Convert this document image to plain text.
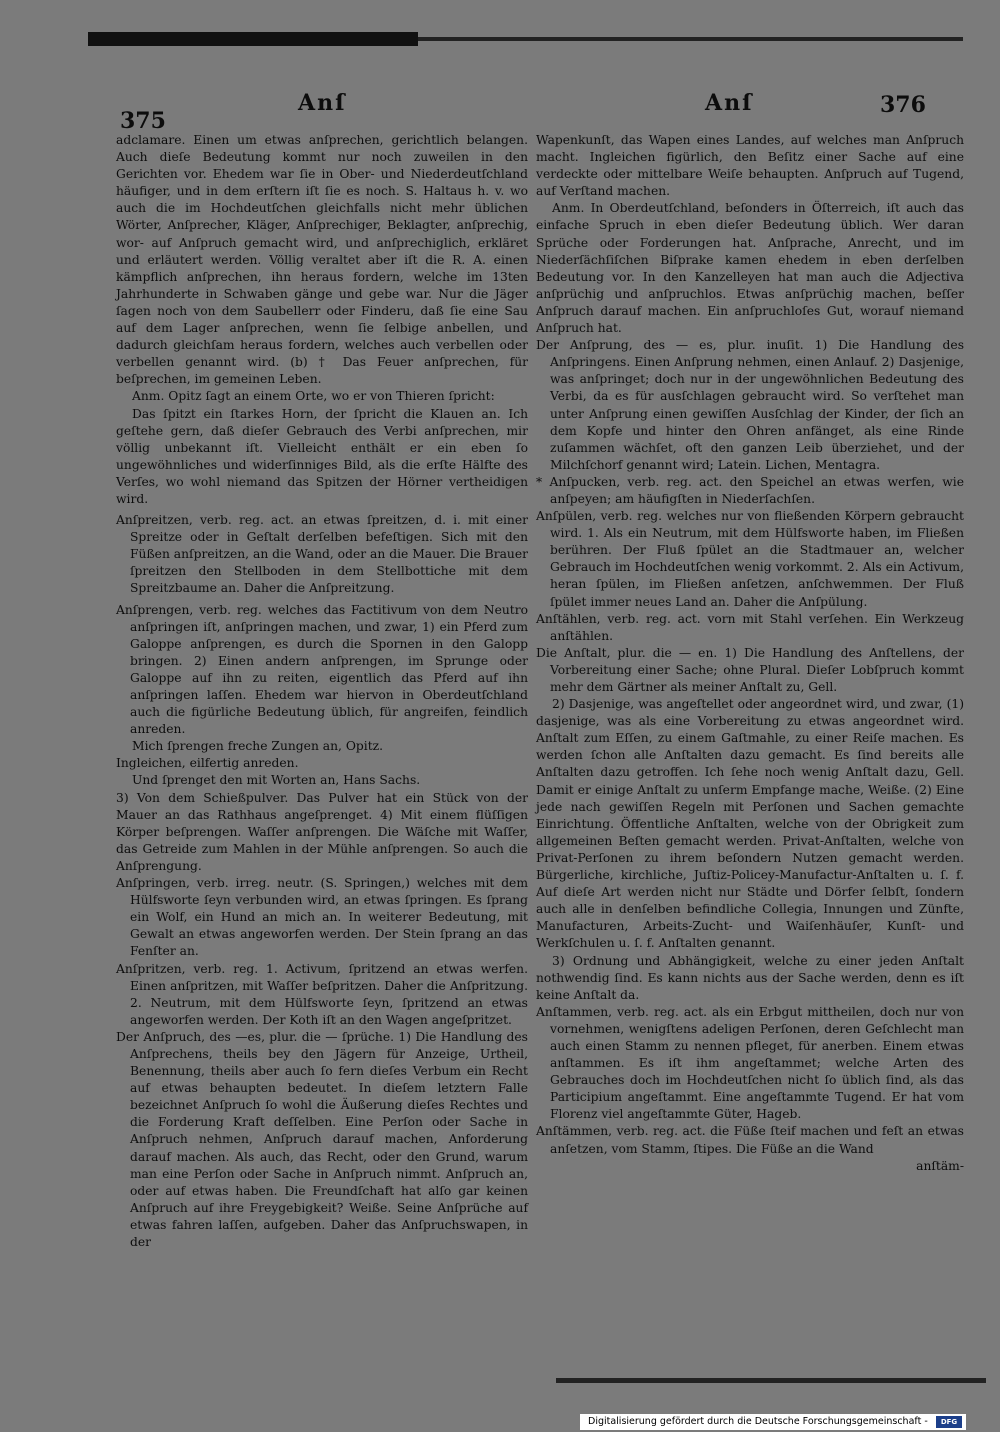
375
Anſ	Anſ	376

adclamare. Einen um etwas anſprechen, gerichtlich belangen. Auch dieſe Bedeutung kommt nur noch zuweilen in den Gerichten vor. Ehedem war ſie in Ober- und Niederdeutſchland häufiger, und in dem erſtern iſt ſie es noch. S. Haltaus h. v. wo auch die im Hochdeutſchen gleichfalls nicht mehr üblichen Wörter, Anſprecher, Kläger, Anſprechiger, Beklagter, anſprechig, wor- auf Anſpruch gemacht wird, und anſprechiglich, erkläret und erläutert werden. Völlig veraltet aber iſt die R. A. einen kämpflich anſprechen, ihn heraus fordern, welche im 13ten Jahrhunderte in Schwaben gänge und gebe war. Nur die Jäger ſagen noch von dem Saubellerr oder Finderu, daß ſie eine Sau auf dem Lager anſprechen, wenn ſie ſelbige anbellen, und dadurch gleichſam heraus fordern, welches auch verbellen oder verbellen genannt wird. (b) † Das Feuer anſprechen, für beſprechen, im gemeinen Leben.

Anm. Opitz ſagt an einem Orte, wo er von Thieren ſpricht:

Das ſpitzt ein ſtarkes Horn, der ſpricht die Klauen an. Ich geſtehe gern, daß dieſer Gebrauch des Verbi anſprechen, mir völlig unbekannt iſt. Vielleicht enthält er ein eben ſo ungewöhnliches und widerſinniges Bild, als die erſte Hälfte des Verſes, wo wohl niemand das Spitzen der Hörner vertheidigen wird.

Anſpreitzen, verb. reg. act. an etwas ſpreitzen, d. i. mit einer Spreitze oder in Geſtalt derſelben befeſtigen. Sich mit den Füßen anſpreitzen, an die Wand, oder an die Mauer. Die Brauer ſpreitzen den Stellboden in dem Stellbottiche mit dem Spreitzbaume an. Daher die Anſpreitzung.

Anſprengen, verb. reg. welches das Factitivum von dem Neutro anſpringen iſt, anſpringen machen, und zwar, 1) ein Pferd zum Galoppe anſprengen, es durch die Spornen in den Galopp bringen. 2) Einen andern anſprengen, im Sprunge oder Galoppe auf ihn zu reiten, eigentlich das Pferd auf ihn anſpringen laſſen. Ehedem war hiervon in Oberdeutſchland auch die figürliche Bedeutung üblich, für angreifen, feindlich anreden.

Mich ſprengen freche Zungen an, Opitz.

Ingleichen, eilfertig anreden.

Und ſprenget den mit Worten an, Hans Sachs.

3) Von dem Schießpulver. Das Pulver hat ein Stück von der Mauer an das Rathhaus angeſprenget. 4) Mit einem flüſſigen Körper beſprengen. Waſſer anſprengen. Die Wäſche mit Waſſer, das Getreide zum Mahlen in der Mühle anſprengen. So auch die Anſprengung.

Anſpringen, verb. irreg. neutr. (S. Springen,) welches mit dem Hülfsworte ſeyn verbunden wird, an etwas ſpringen. Es ſprang ein Wolf, ein Hund an mich an. In weiterer Bedeutung, mit Gewalt an etwas angeworfen werden. Der Stein ſprang an das Fenſter an.

Anſpritzen, verb. reg. 1. Activum, ſpritzend an etwas werfen. Einen anſpritzen, mit Waſſer beſpritzen. Daher die Anſpritzung. 2. Neutrum, mit dem Hülfsworte ſeyn, ſpritzend an etwas angeworfen werden. Der Koth iſt an den Wagen angeſpritzet.

Der Anſpruch, des —es, plur. die — ſprüche. 1) Die Handlung des Anſprechens, theils bey den Jägern für Anzeige, Urtheil, Benennung, theils aber auch ſo fern dieſes Verbum ein Recht auf etwas behaupten bedeutet. In dieſem letztern Falle bezeichnet Anſpruch ſo wohl die Äußerung dieſes Rechtes und die Forderung Kraft deſſelben. Eine Perſon oder Sache in Anſpruch nehmen, Anſpruch darauf machen, Anforderung darauf machen. Als auch, das Recht, oder den Grund, warum man eine Perſon oder Sache in Anſpruch nimmt. Anſpruch an, oder auf etwas haben. Die Freundſchaft hat alſo gar keinen Anſpruch auf ihre Freygebigkeit? Weiße. Seine Anſprüche auf etwas fahren laſſen, aufgeben. Daher das Anſpruchswapen, in der

Wapenkunſt, das Wapen eines Landes, auf welches man Anſpruch macht. Ingleichen figürlich, den Beſitz einer Sache auf eine verdeckte oder mittelbare Weiſe behaupten. Anſpruch auf Tugend, auf Verſtand machen.

Anm. In Oberdeutſchland, beſonders in Öſterreich, iſt auch das einfache Spruch in eben dieſer Bedeutung üblich. Wer daran Sprüche oder Forderungen hat. Anſprache, Anrecht, und im Niederſächſiſchen Biſprake kamen ehedem in eben derſelben Bedeutung vor. In den Kanzelleyen hat man auch die Adjectiva anſprüchig und anſpruchlos. Etwas anſprüchig machen, beſſer Anſpruch darauf machen. Ein anſpruchloſes Gut, worauf niemand Anſpruch hat.

Der Anſprung, des — es, plur. inuſit. 1) Die Handlung des Anſpringens. Einen Anſprung nehmen, einen Anlauf. 2) Dasjenige, was anſpringet; doch nur in der ungewöhnlichen Bedeutung des Verbi, da es für ausſchlagen gebraucht wird. So verſtehet man unter Anſprung einen gewiſſen Ausſchlag der Kinder, der ſich an dem Kopfe und hinter den Ohren anfänget, als eine Rinde zuſammen wächſet, oft den ganzen Leib überziehet, und der Milchſchorf genannt wird; Latein. Lichen, Mentagra.

* Anſpucken, verb. reg. act. den Speichel an etwas werfen, wie anſpeyen; am häufigſten in Niederſachſen.

Anſpülen, verb. reg. welches nur von fließenden Körpern gebraucht wird. 1. Als ein Neutrum, mit dem Hülfsworte haben, im Fließen berühren. Der Fluß ſpület an die Stadtmauer an, welcher Gebrauch im Hochdeutſchen wenig vorkommt. 2. Als ein Activum, heran ſpülen, im Fließen anſetzen, anſchwemmen. Der Fluß ſpület immer neues Land an. Daher die Anſpülung.

Anſtählen, verb. reg. act. vorn mit Stahl verſehen. Ein Werkzeug anſtählen.

Die Anſtalt, plur. die — en. 1) Die Handlung des Anſtellens, der Vorbereitung einer Sache; ohne Plural. Dieſer Lobſpruch kommt mehr dem Gärtner als meiner Anſtalt zu, Gell.

2) Dasjenige, was angeſtellet oder angeordnet wird, und zwar, (1) dasjenige, was als eine Vorbereitung zu etwas angeordnet wird. Anſtalt zum Eſſen, zu einem Gaſtmahle, zu einer Reiſe machen. Es werden ſchon alle Anſtalten dazu gemacht. Es ſind bereits alle Anſtalten dazu getroffen. Ich ſehe noch wenig Anſtalt dazu, Gell. Damit er einige Anſtalt zu unſerm Empfange mache, Weiße. (2) Eine jede nach gewiſſen Regeln mit Perſonen und Sachen gemachte Einrichtung. Öffentliche Anſtalten, welche von der Obrigkeit zum allgemeinen Beſten gemacht werden. Privat-Anſtalten, welche von Privat-Perſonen zu ihrem beſondern Nutzen gemacht werden. Bürgerliche, kirchliche, Juſtiz-Policey-Manufactur-Anſtalten u. ſ. f. Auf dieſe Art werden nicht nur Städte und Dörfer ſelbſt, ſondern auch alle in denſelben befindliche Collegia, Innungen und Zünfte, Manufacturen, Arbeits-Zucht- und Waiſenhäuſer, Kunſt- und Werkſchulen u. ſ. f. Anſtalten genannt.

3) Ordnung und Abhängigkeit, welche zu einer jeden Anſtalt nothwendig ſind. Es kann nichts aus der Sache werden, denn es iſt keine Anſtalt da.

Anſtammen, verb. reg. act. als ein Erbgut mittheilen, doch nur von vornehmen, wenigſtens adeligen Perſonen, deren Geſchlecht man auch einen Stamm zu nennen pfleget, für anerben. Einem etwas anſtammen. Es iſt ihm angeſtammet; welche Arten des Gebrauches doch im Hochdeutſchen nicht ſo üblich ſind, als das Participium angeſtammt. Eine angeſtammte Tugend. Er hat vom Florenz viel angeſtammte Güter, Hageb.

Anſtämmen, verb. reg. act. die Füße ſteif machen und feſt an etwas anſetzen, vom Stamm, ſtipes. Die Füße an die Wand

anſtäm-

Digitalisierung gefördert durch die Deutsche Forschungsgemeinschaft -	DFG
